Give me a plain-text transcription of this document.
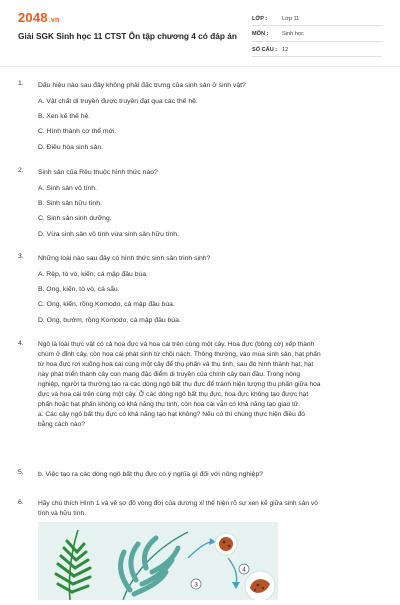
2048.vn
Giải SGK Sinh học 11 CTST Ôn tập chương 4 có đáp án
LỚP :	Lớp 11
MÔN :	Sinh học
SỐ CÂU : 12
1. Dấu hiệu nào sau đây không phải đặc trưng của sinh sản ở sinh vật?
A. Vật chất di truyền được truyền đạt qua các thế hệ.
B. Xen kẽ thế hệ.
C. Hình thành cơ thể mới.
D. Điều hòa sinh sản.
2. Sinh sản của Rêu thuộc hình thức nào?
A. Sinh sản vô tính.
B. Sinh sản hữu tính.
C. Sinh sản sinh dưỡng.
D. Vừa sinh sản vô tính vừa sinh sản hữu tính.
3. Những loài nào sau đây có hình thức sinh sản trinh sinh?
A. Rệp, tò vò, kiến, cá mập đầu búa.
B. Ong, kiến, tò vò, cá sấu.
C. Ong, kiến, rồng Komodo, cá mập đầu búa.
D. Ong, bướm, rồng Komodo, cá mập đầu búa.
4. Ngô là loài thực vật có cả hoa đực và hoa cái trên cùng một cây. Hoa đực (bông cờ) xếp thành
chùm ở đỉnh cây, còn hoa cái phát sinh từ chồi nách. Thông thường, vào mùa sinh sản, hạt phấn
từ hoa đực rơi xuống hoa cái cùng một cây để thụ phấn và thụ tinh, sau đó hình thành hạt; hạt
này phát triển thành cây con mang đặc điểm di truyền của chính cây ban đầu. Trong nông
nghiệp, người ta thường tạo ra các dòng ngô bất thụ đực để tránh hiện tượng thụ phấn giữa hoa
đực và hoa cái trên cùng một cây. Ở các dòng ngô bất thụ đực, hoa đực không tạo được hạt
phấn hoặc hạt phấn không có khả năng thụ tinh, còn hoa cái vẫn có khả năng tạo giao tử.
a. Các cây ngô bất thụ đực có khả năng tạo hạt không? Nếu có thì chúng thực hiện điều đó
bằng cách nào?
5. b. Việc tạo ra các dòng ngô bất thụ đực có ý nghĩa gì đối với nông nghiệp?
6. Hãy chú thích Hình 1 và vẽ sơ đồ vòng đời của dương xỉ thể hiện rõ sự xen kẽ giữa sinh sản vô
tính và hữu tính.
3
4
